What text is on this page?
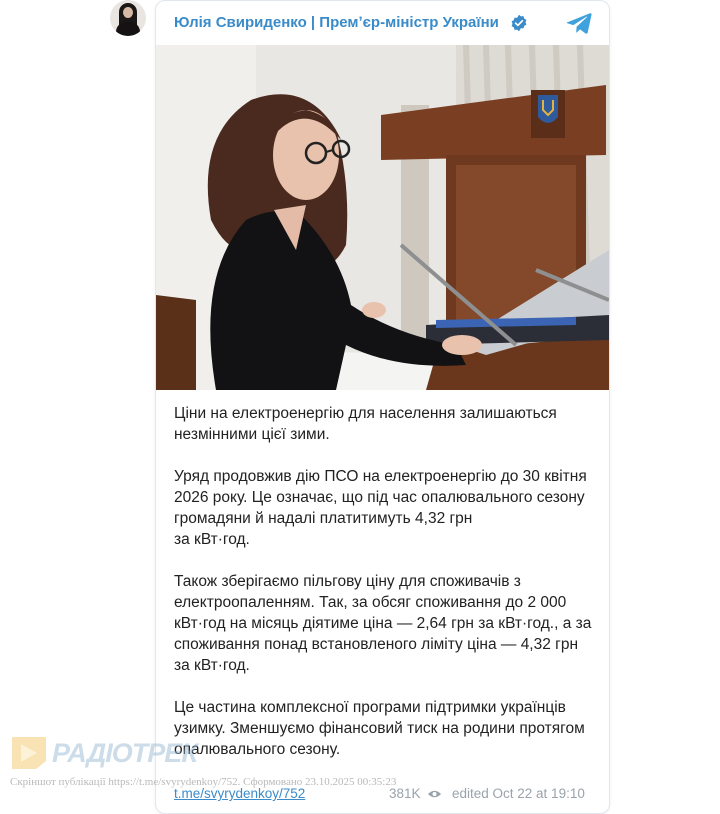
Юлія Свириденко | Премʼєр-міністр України

Ціни на електроенергію для населення залишаються незмінними цієї зими.

Уряд продовжив дію ПСО на електроенергію до 30 квітня 2026 року. Це означає, що під час опалювального сезону громадяни й надалі платитимуть 4,32 грн
за кВт·год.

Також зберігаємо пільгову ціну для споживачів з електроопаленням. Так, за обсяг споживання до 2 000 кВт·год на місяць діятиме ціна — 2,64 грн за кВт·год., а за споживання понад встановленого ліміту ціна — 4,32 грн за кВт·год.

Це частина комплексної програми підтримки українців узимку. Зменшуємо фінансовий тиск на родини протягом опалювального сезону.

t.me/svyrydenkoy/752	381K edited Oct 22 at 19:10
РАДІОТРЕК
Скріншот публікації https://t.me/svyrydenkoy/752. Сформовано 23.10.2025 00:35:23
